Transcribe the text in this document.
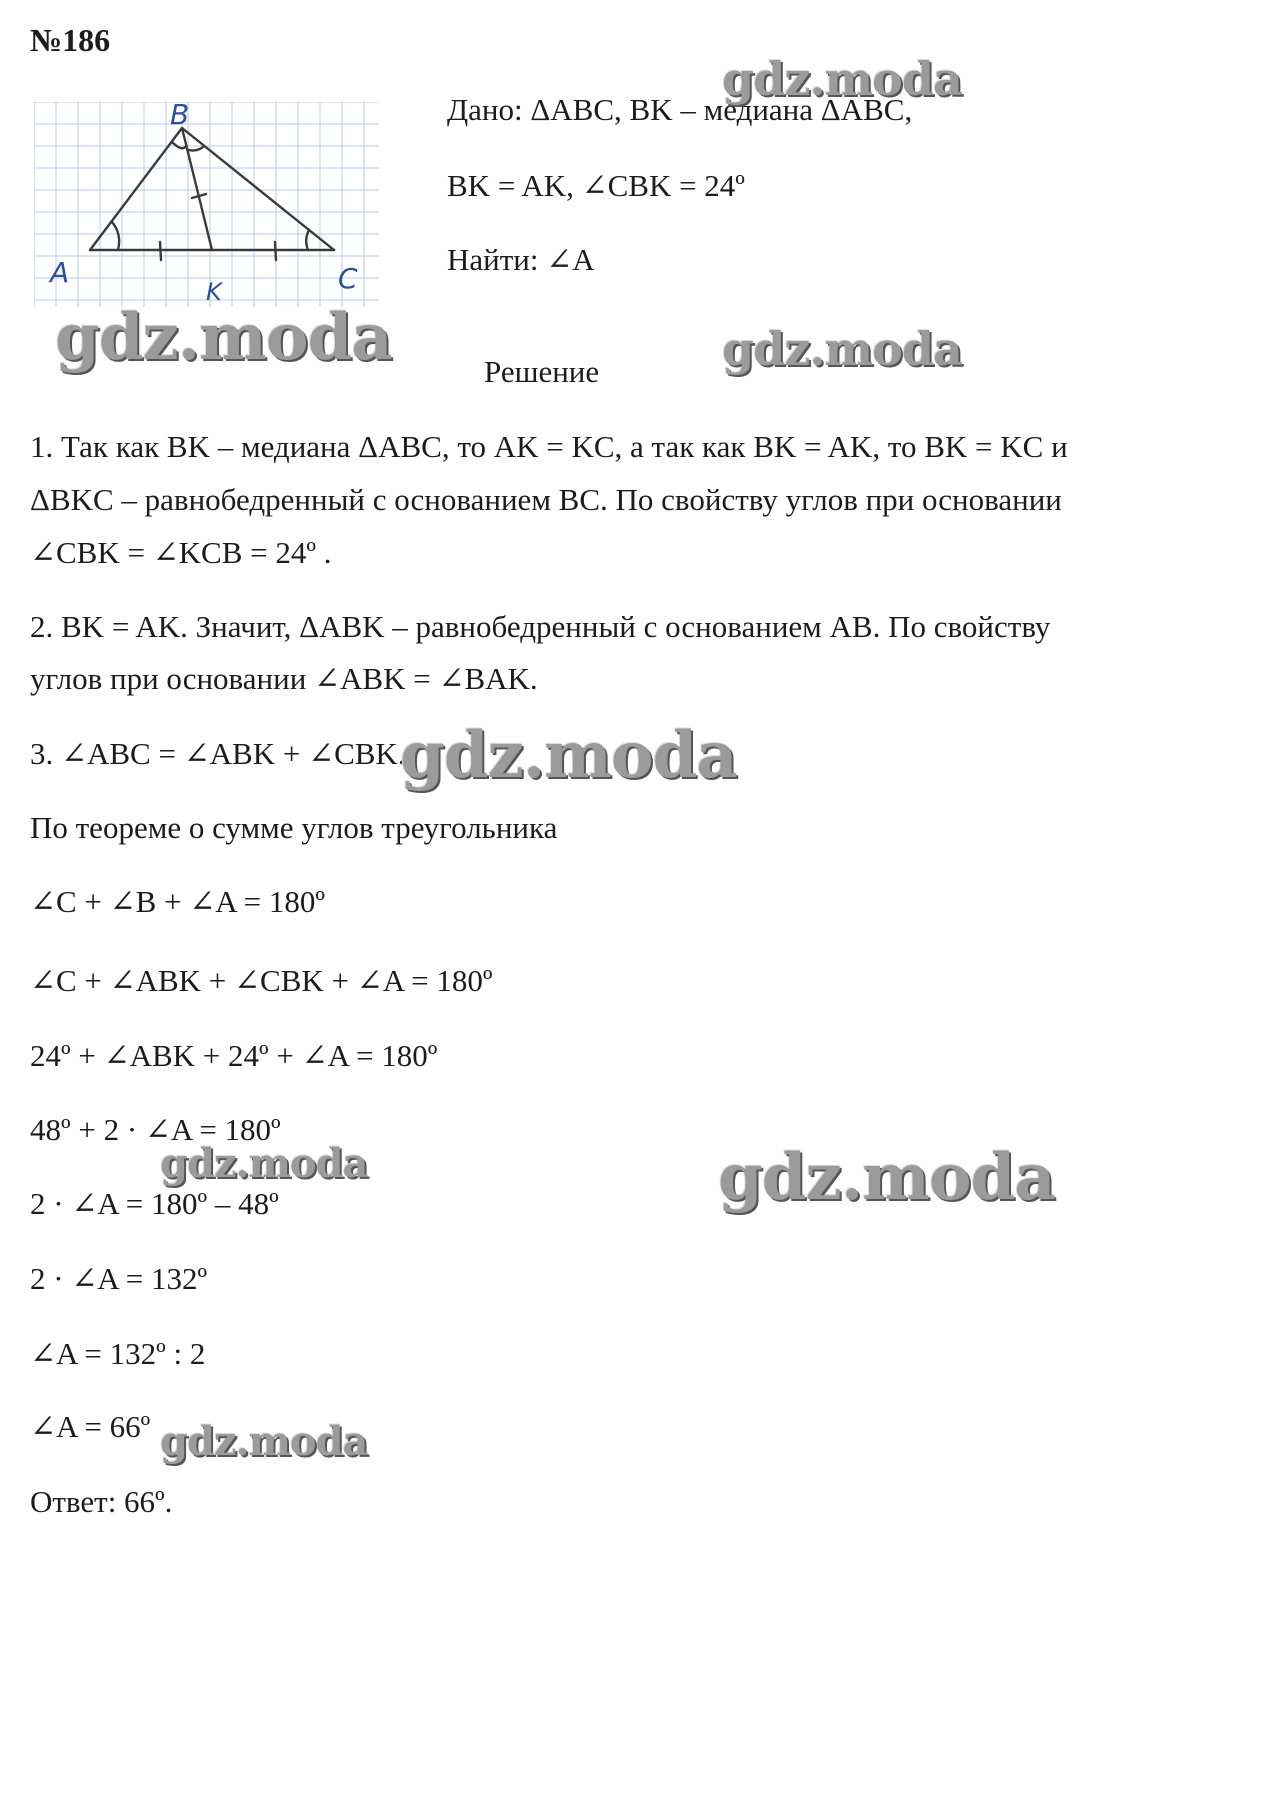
№186
B
A	C
K
Дано: ΔABC, BK – медиана ΔABC,
BK = AK, ∠CBK = 24º
Найти: ∠A
Решение
1. Так как BK – медиана ΔABC, то AK = KC, а так как BK = AK, то BK = KC и
ΔBKC – равнобедренный с основанием BC. По свойству углов при основании
∠CBK = ∠KCB = 24º .
2. BK = AK. Значит, ΔABK – равнобедренный с основанием AB. По свойству
углов при основании ∠ABK = ∠BAK.
3. ∠ABC = ∠ABK + ∠CBK.
По теореме о сумме углов треугольника
∠C + ∠B + ∠A = 180º
∠C + ∠ABK + ∠CBK + ∠A = 180º
24º + ∠ABK + 24º + ∠A = 180º
48º + 2 · ∠A = 180º
2 · ∠A = 180º – 48º
2 · ∠A = 132º
∠A = 132º : 2
∠A = 66º
Ответ: 66º.
gdz.moda
gdz.moda	gdz.moda
gdz.moda
gdz.moda	gdz.moda
gdz.moda
